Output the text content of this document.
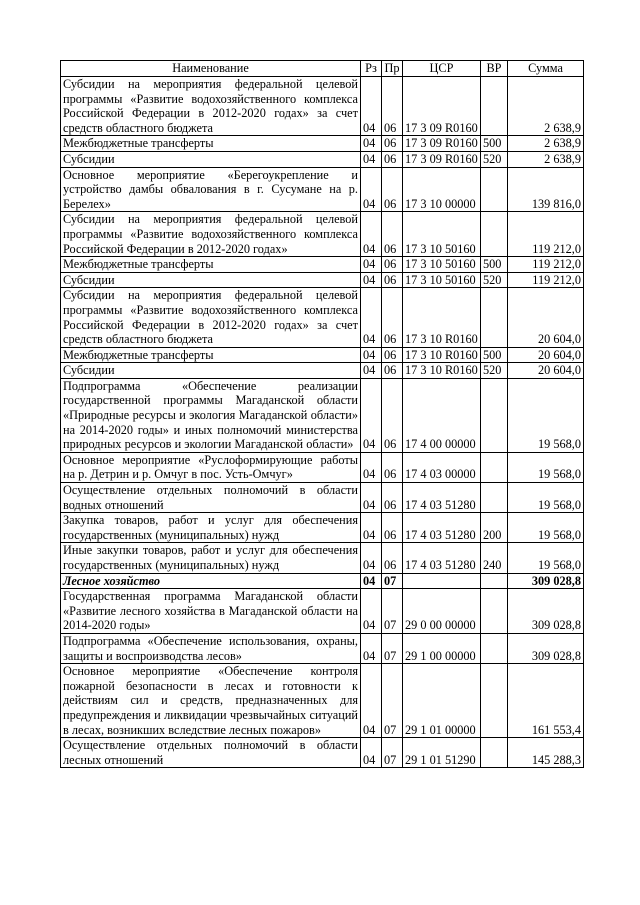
Наименование	Рз	Пр	ЦСР	ВР	Сумма
Субсидии на мероприятия федеральной целевой программы «Развитие водохозяйственного комплекса Российской Федерации в 2012-2020 годах» за счет средств областного бюджета	04	06	17 3 09 R0160		2 638,9
Межбюджетные трансферты	04	06	17 3 09 R0160	500	2 638,9
Субсидии	04	06	17 3 09 R0160	520	2 638,9
Основное мероприятие «Берегоукрепление и устройство дамбы обвалования в г. Сусумане на р. Берелех»	04	06	17 3 10 00000		139 816,0
Субсидии на мероприятия федеральной целевой программы «Развитие водохозяйственного комплекса Российской Федерации в 2012-2020 годах»	04	06	17 3 10 50160		119 212,0
Межбюджетные трансферты	04	06	17 3 10 50160	500	119 212,0
Субсидии	04	06	17 3 10 50160	520	119 212,0
Субсидии на мероприятия федеральной целевой программы «Развитие водохозяйственного комплекса Российской Федерации в 2012-2020 годах» за счет средств областного бюджета	04	06	17 3 10 R0160		20 604,0
Межбюджетные трансферты	04	06	17 3 10 R0160	500	20 604,0
Субсидии	04	06	17 3 10 R0160	520	20 604,0
Подпрограмма «Обеспечение реализации государственной программы Магаданской области «Природные ресурсы и экология Магаданской области» на 2014-2020 годы» и иных полномочий министерства природных ресурсов и экологии Магаданской области»	04	06	17 4 00 00000		19 568,0
Основное мероприятие «Руслоформирующие работы на р. Детрин и р. Омчуг в пос. Усть-Омчуг»	04	06	17 4 03 00000		19 568,0
Осуществление отдельных полномочий в области водных отношений	04	06	17 4 03 51280		19 568,0
Закупка товаров, работ и услуг для обеспечения государственных (муниципальных) нужд	04	06	17 4 03 51280	200	19 568,0
Иные закупки товаров, работ и услуг для обеспечения государственных (муниципальных) нужд	04	06	17 4 03 51280	240	19 568,0
Лесное хозяйство	04	07			309 028,8
Государственная программа Магаданской области «Развитие лесного хозяйства в Магаданской области на 2014-2020 годы»	04	07	29 0 00 00000		309 028,8
Подпрограмма «Обеспечение использования, охраны, защиты и воспроизводства лесов»	04	07	29 1 00 00000		309 028,8
Основное мероприятие «Обеспечение контроля пожарной безопасности в лесах и готовности к действиям сил и средств, предназначенных для предупреждения и ликвидации чрезвычайных ситуаций в лесах, возникших вследствие лесных пожаров»	04	07	29 1 01 00000		161 553,4
Осуществление отдельных полномочий в области лесных отношений	04	07	29 1 01 51290		145 288,3
